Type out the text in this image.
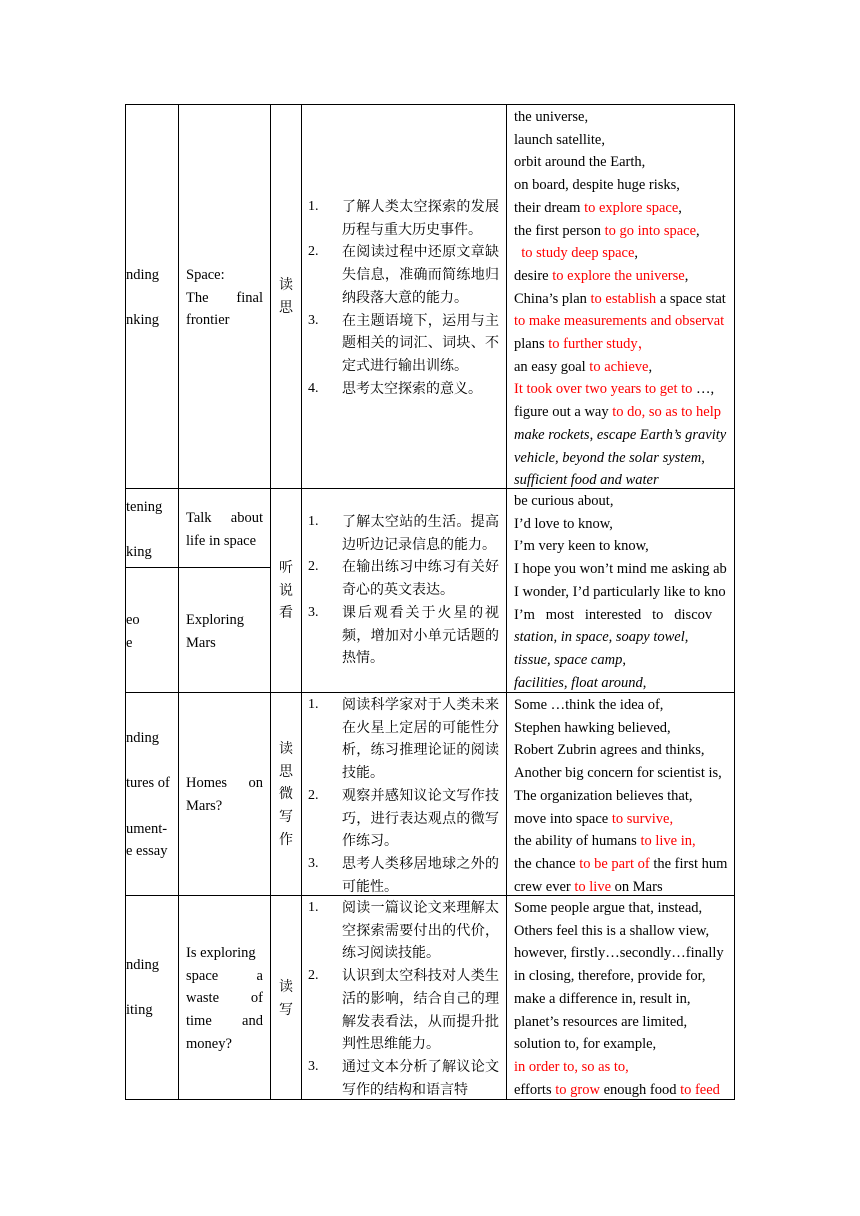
nding
nking
Space:
The final
frontier
读
思
1. 了解人类太空探索的发展历程与重大历史事件。
2. 在阅读过程中还原文章缺失信息，准确而简练地归纳段落大意的能力。
3. 在主题语境下，运用与主题相关的词汇、词块、不定式进行输出训练。
4. 思考太空探索的意义。
the universe,
launch satellite,
orbit around the Earth,
on board, despite huge risks,
their dream to explore space,
the first person to go into space,
to study deep space,
desire to explore the universe,
China’s plan to establish a space stat
to make measurements and observat
plans to further study，
an easy goal to achieve,
It took over two years to get to …,
figure out a way to do, so as to help
make rockets, escape Earth’s gravity
vehicle, beyond the solar system,
sufficient food and water
tening
king
Talk about
life in space
eo
e
Exploring
Mars
听
说
看
1. 了解太空站的生活。提高边听边记录信息的能力。
2. 在输出练习中练习有关好奇心的英文表达。
3. 课后观看关于火星的视频，增加对小单元话题的热情。
be curious about,
I’d love to know,
I’m very keen to know,
I hope you won’t mind me asking ab
I wonder, I’d particularly like to kno
I’m   most   interested   to   discov
station, in space, soapy towel,
tissue, space camp,
facilities, float around,
nding
tures of
ument-
e essay
Homes on
Mars?
读
思
微
写
作
1. 阅读科学家对于人类未来在火星上定居的可能性分析，练习推理论证的阅读技能。
2. 观察并感知议论文写作技巧，进行表达观点的微写作练习。
3. 思考人类移居地球之外的可能性。
Some …think the idea of,
Stephen hawking believed,
Robert Zubrin agrees and thinks,
Another big concern for scientist is,
The organization believes that,
move into space to survive,
the ability of humans to live in,
the chance to be part of the first hum
crew ever to live on Mars
nding
iting
Is exploring
space a
waste of
time and
money?
读
写
1. 阅读一篇议论文来理解太空探索需要付出的代价，练习阅读技能。
2. 认识到太空科技对人类生活的影响，结合自己的理解发表看法，从而提升批判性思维能力。
3. 通过文本分析了解议论文写作的结构和语言特
Some people argue that, instead,
Others feel this is a shallow view,
however, firstly…secondly…finally
in closing, therefore, provide for,
make a difference in, result in,
planet’s resources are limited,
solution to, for example,
in order to, so as to,
efforts to grow enough food to feed
